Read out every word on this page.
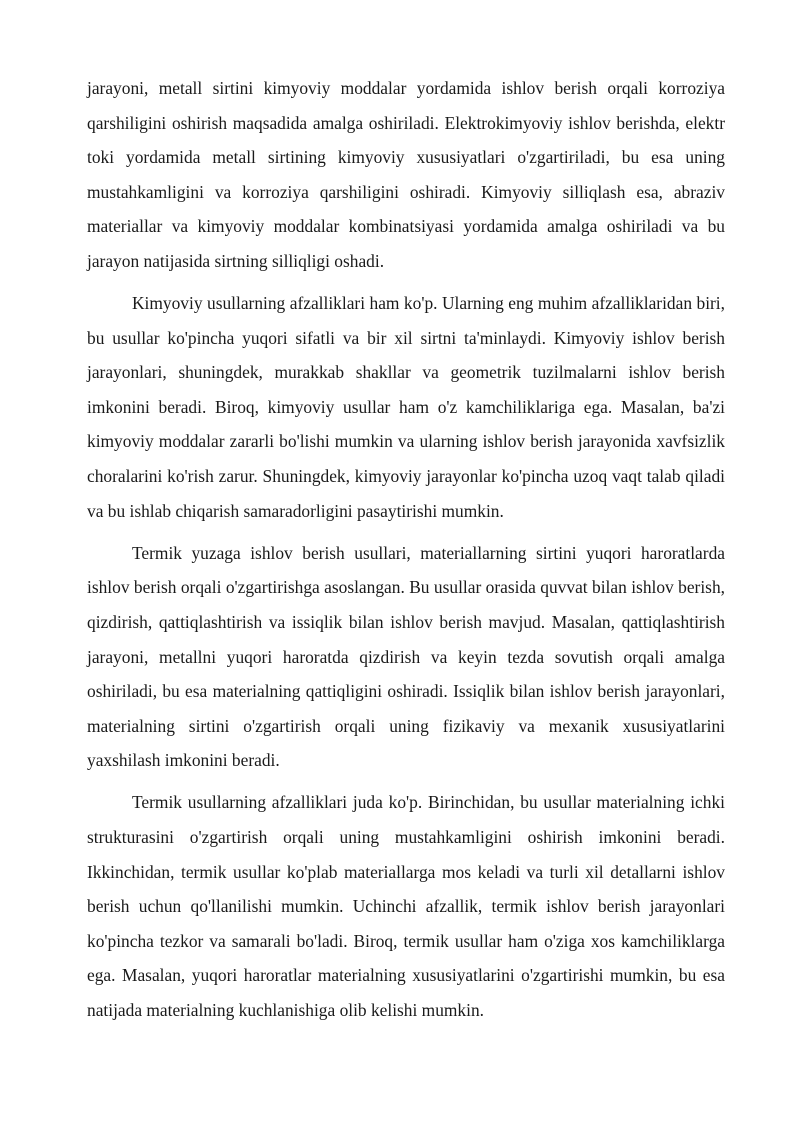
jarayoni, metall sirtini kimyoviy moddalar yordamida ishlov berish orqali korroziya qarshiligini oshirish maqsadida amalga oshiriladi. Elektrokimyoviy ishlov berishda, elektr toki yordamida metall sirtining kimyoviy xususiyatlari o'zgartiriladi, bu esa uning mustahkamligini va korroziya qarshiligini oshiradi. Kimyoviy silliqlash esa, abraziv materiallar va kimyoviy moddalar kombinatsiyasi yordamida amalga oshiriladi va bu jarayon natijasida sirtning silliqligi oshadi.

Kimyoviy usullarning afzalliklari ham ko'p. Ularning eng muhim afzalliklaridan biri, bu usullar ko'pincha yuqori sifatli va bir xil sirtni ta'minlaydi. Kimyoviy ishlov berish jarayonlari, shuningdek, murakkab shakllar va geometrik tuzilmalarni ishlov berish imkonini beradi. Biroq, kimyoviy usullar ham o'z kamchiliklariga ega. Masalan, ba'zi kimyoviy moddalar zararli bo'lishi mumkin va ularning ishlov berish jarayonida xavfsizlik choralarini ko'rish zarur. Shuningdek, kimyoviy jarayonlar ko'pincha uzoq vaqt talab qiladi va bu ishlab chiqarish samaradorligini pasaytirishi mumkin.

Termik yuzaga ishlov berish usullari, materiallarning sirtini yuqori haroratlarda ishlov berish orqali o'zgartirishga asoslangan. Bu usullar orasida quvvat bilan ishlov berish, qizdirish, qattiqlashtirish va issiqlik bilan ishlov berish mavjud. Masalan, qattiqlashtirish jarayoni, metallni yuqori haroratda qizdirish va keyin tezda sovutish orqali amalga oshiriladi, bu esa materialning qattiqligini oshiradi. Issiqlik bilan ishlov berish jarayonlari, materialning sirtini o'zgartirish orqali uning fizikaviy va mexanik xususiyatlarini yaxshilash imkonini beradi.

Termik usullarning afzalliklari juda ko'p. Birinchidan, bu usullar materialning ichki strukturasini o'zgartirish orqali uning mustahkamligini oshirish imkonini beradi. Ikkinchidan, termik usullar ko'plab materiallarga mos keladi va turli xil detallarni ishlov berish uchun qo'llanilishi mumkin. Uchinchi afzallik, termik ishlov berish jarayonlari ko'pincha tezkor va samarali bo'ladi. Biroq, termik usullar ham o'ziga xos kamchiliklarga ega. Masalan, yuqori haroratlar materialning xususiyatlarini o'zgartirishi mumkin, bu esa natijada materialning kuchlanishiga olib kelishi mumkin.
